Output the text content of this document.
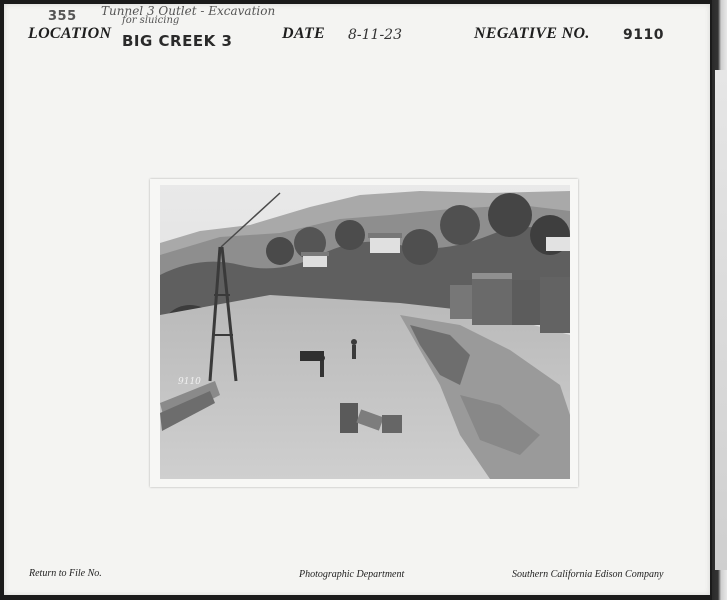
355 Tunnel 3 Outlet - Excavation
for sluicing
LOCATION BIG CREEK 3	DATE 8-11-23	NEGATIVE NO. 9110
9110
Return to File No.	Photographic Department	Southern California Edison Company
